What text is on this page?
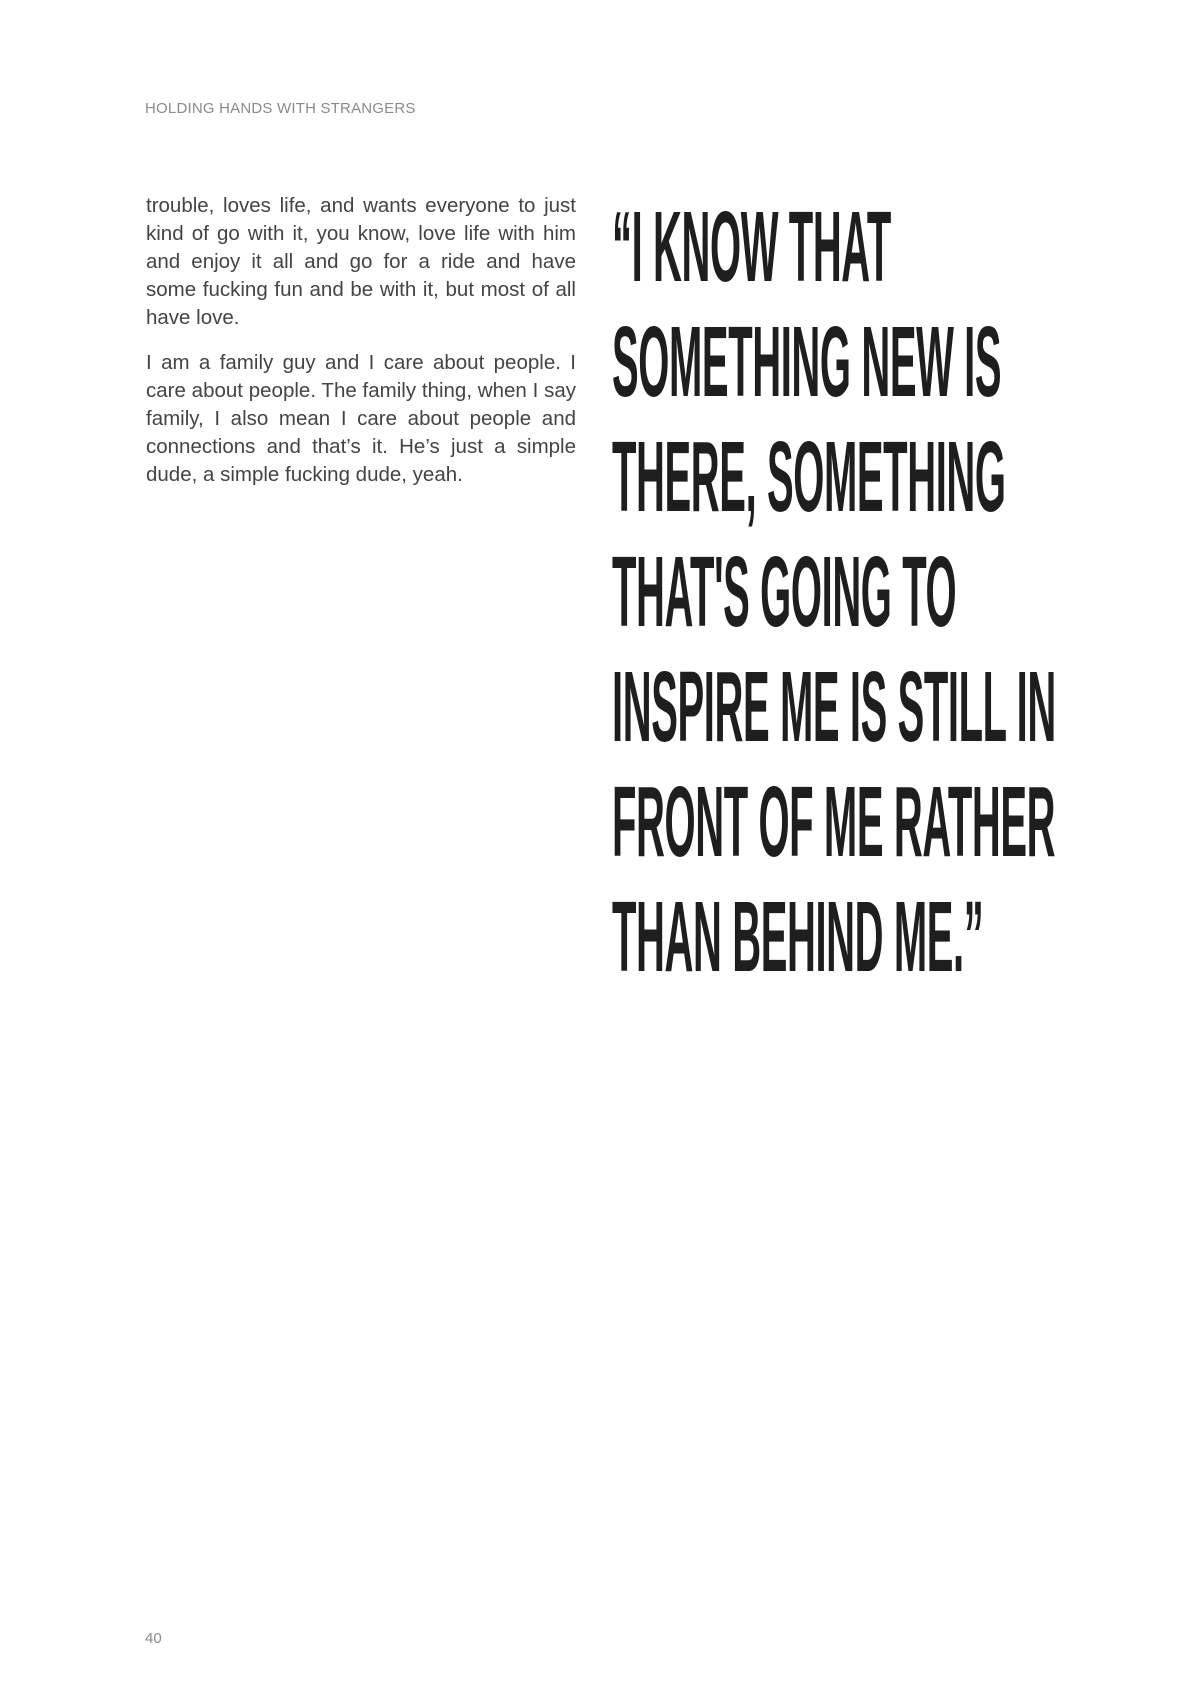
HOLDING HANDS WITH STRANGERS

trouble, loves life, and wants everyone to just kind of go with it, you know, love life with him and enjoy it all and go for a ride and have some fucking fun and be with it, but most of all have love.

I am a family guy and I care about people. I care about people. The family thing, when I say family, I also mean I care about people and connections and that’s it. He’s just a simple dude, a simple fucking dude, yeah.

“I KNOW THAT
SOMETHING NEW IS
THERE, SOMETHING
THAT'S GOING TO
INSPIRE ME IS STILL IN
FRONT OF ME RATHER
THAN BEHIND ME.”
40
